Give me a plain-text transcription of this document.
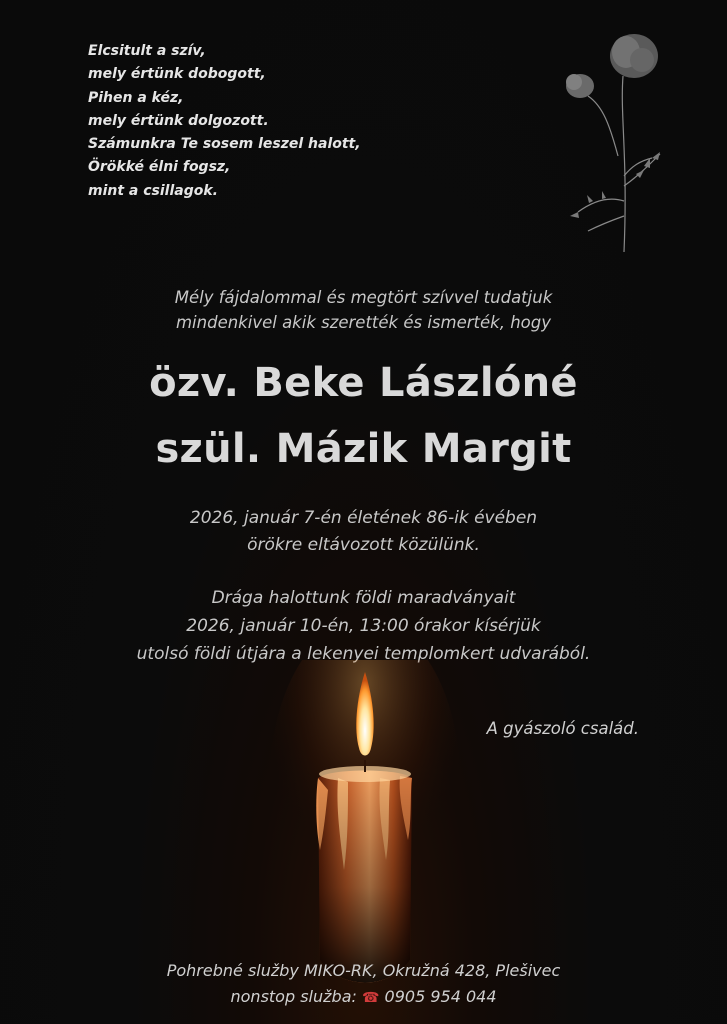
Elcsitult a szív,
mely értünk dobogott,
Pihen a kéz,
mely értünk dolgozott.
Számunkra Te sosem leszel halott,
Örökké élni fogsz,
mint a csillagok.
Mély fájdalommal és megtört szívvel tudatjuk
mindenkivel akik szerették és ismerték, hogy
özv. Beke Lászlóné
szül. Mázik Margit
2026, január 7-én életének 86-ik évében
örökre eltávozott közülünk.
Drága halottunk földi maradványait
2026, január 10-én, 13:00 órakor kísérjük
utolsó földi útjára a lekenyei templomkert udvarából.
A gyászoló család.
Pohrebné služby MIKO-RK, Okružná 428, Plešivec
nonstop služba: ☎ 0905 954 044
